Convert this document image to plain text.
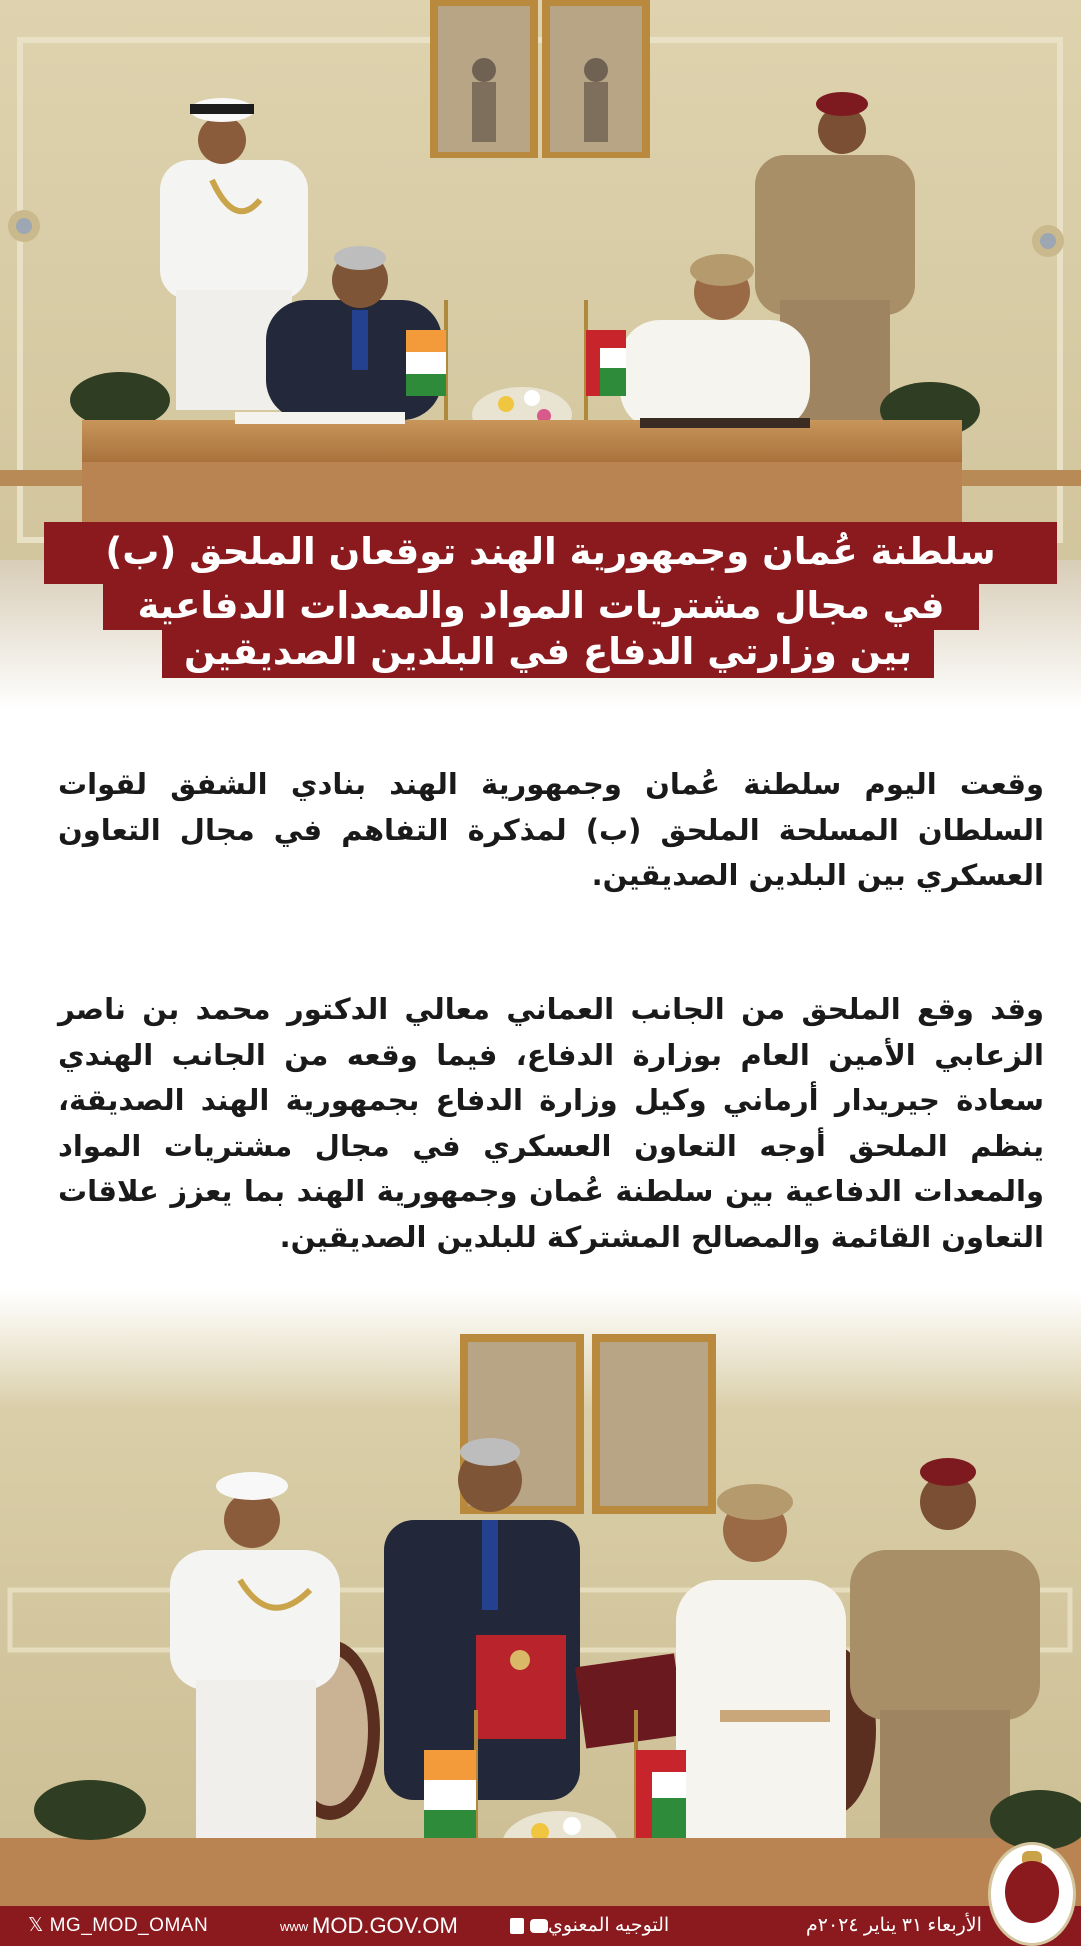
سلطنة عُمان وجمهورية الهند توقعان الملحق (ب)
في مجال مشتريات المواد والمعدات الدفاعية
بين وزارتي الدفاع في البلدين الصديقين
وقعت اليوم سلطنة عُمان وجمهورية الهند بنادي الشفق لقوات السلطان المسلحة الملحق (ب) لمذكرة التفاهم في مجال التعاون العسكري بين البلدين الصديقين.
وقد وقع الملحق من الجانب العماني معالي الدكتور محمد بن ناصر الزعابي الأمين العام بوزارة الدفاع، فيما وقعه من الجانب الهندي سعادة جيريدار أرماني وكيل وزارة الدفاع بجمهورية الهند الصديقة، ينظم الملحق أوجه التعاون العسكري في مجال مشتريات المواد والمعدات الدفاعية بين سلطنة عُمان وجمهورية الهند بما يعزز علاقات التعاون القائمة والمصالح المشتركة للبلدين الصديقين.
𝕏 MG_MOD_OMAN	www MOD.GOV.OM	التوجيه المعنوي	الأربعاء ٣١ يناير ٢٠٢٤م
